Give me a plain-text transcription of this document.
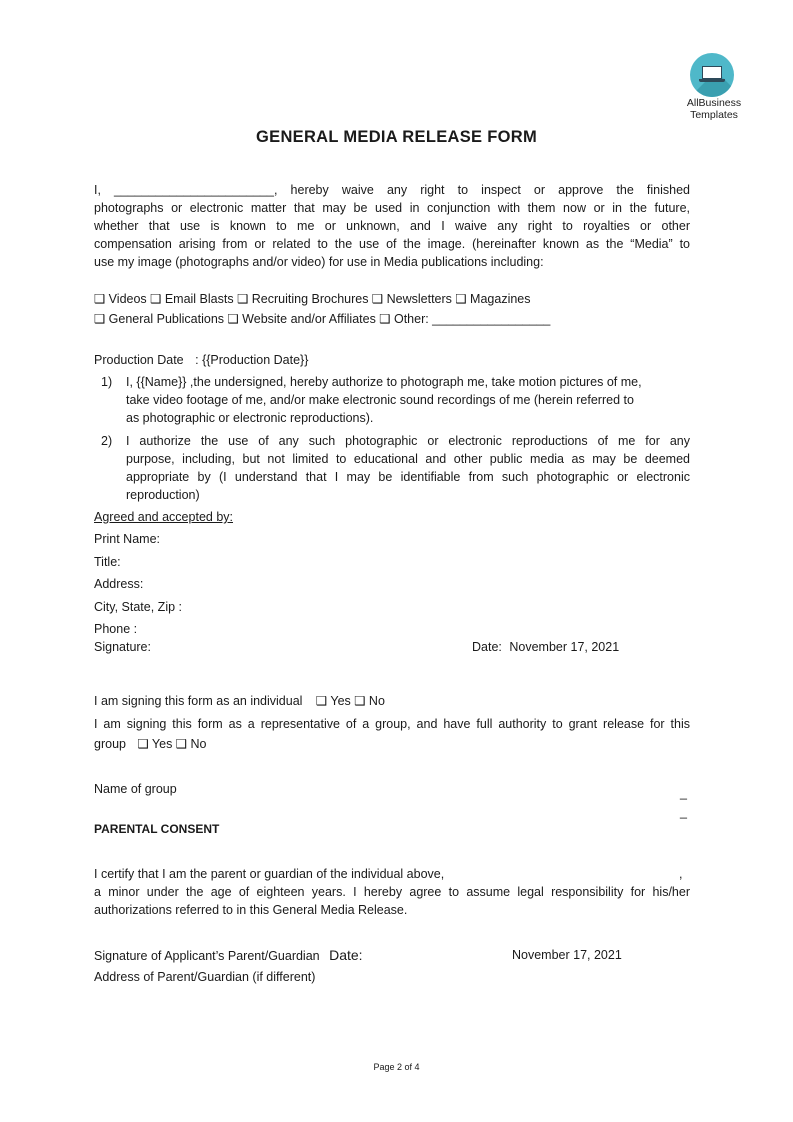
AllBusiness
Templates
GENERAL MEDIA RELEASE FORM
I, _______________________, hereby waive any right to inspect or approve the finished
photographs or electronic matter that may be used in conjunction with them now or in the future,
whether that use is known to me or unknown, and I waive any right to royalties or other
compensation arising from or related to the use of the image. (hereinafter known as the “Media” to
use my image (photographs and/or video) for use in Media publications including:
❑ Videos ❑ Email Blasts ❑ Recruiting Brochures ❑ Newsletters ❑ Magazines
❑ General Publications ❑ Website and/or Affiliates ❑ Other: _________________
Production Date : {{Production Date}}
1) I, {{Name}} ,the undersigned, hereby authorize to photograph me, take motion pictures of me,
take video footage of me, and/or make electronic sound recordings of me (herein referred to
as photographic or electronic reproductions).
2) I authorize the use of any such photographic or electronic reproductions of me for any
purpose, including, but not limited to educational and other public media as may be deemed
appropriate by (I understand that I may be identifiable from such photographic or electronic
reproduction)
Agreed and accepted by:
Print Name:
Title:
Address:
City, State, Zip :
Phone :
Signature:	Date: November 17, 2021
I am signing this form as an individual ❑ Yes ❑ No
I am signing this form as a representative of a group, and have full authority to grant release for this
group ❑ Yes ❑ No
Name of group	_
_
PARENTAL CONSENT
I certify that I am the parent or guardian of the individual above,	,
a minor under the age of eighteen years. I hereby agree to assume legal responsibility for his/her
authorizations referred to in this General Media Release.
Signature of Applicant’s Parent/Guardian Date:	November 17, 2021
Address of Parent/Guardian (if different)
Page 2 of 4
